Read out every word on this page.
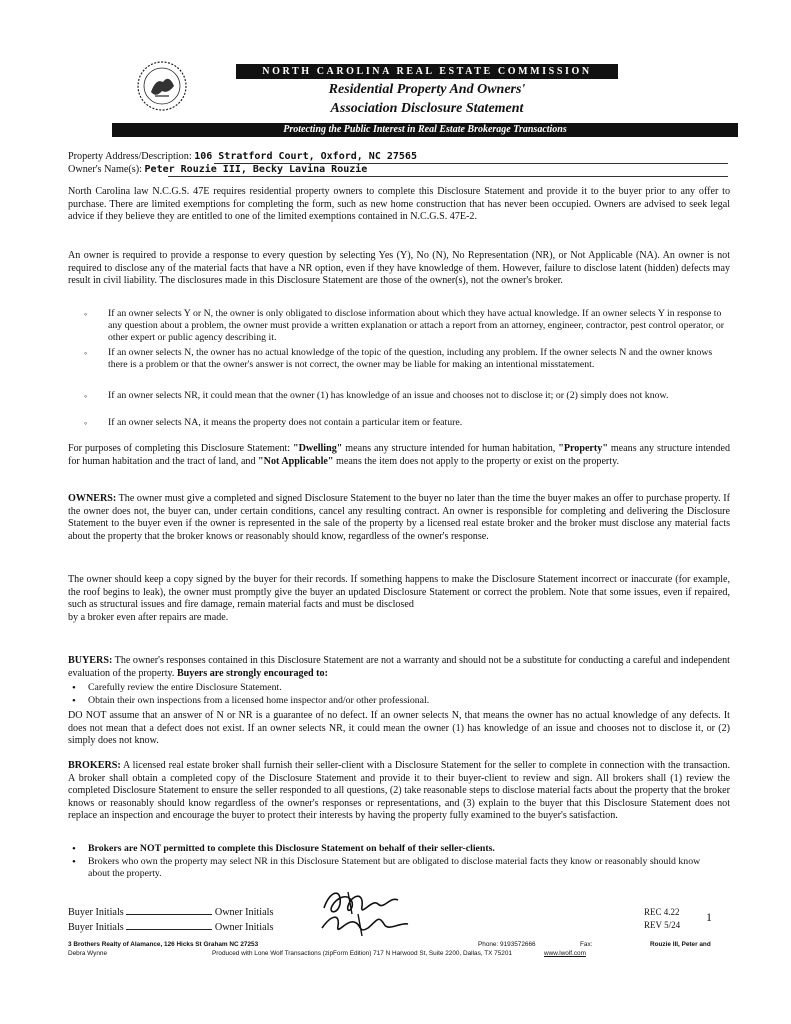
NORTH CAROLINA REAL ESTATE COMMISSION
Residential Property And Owners'
Association Disclosure Statement
Protecting the Public Interest in Real Estate Brokerage Transactions
Property Address/Description: 106 Stratford Court, Oxford, NC 27565
Owner's Name(s): Peter Rouzie III, Becky Lavina Rouzie
North Carolina law N.C.G.S. 47E requires residential property owners to complete this Disclosure Statement and provide it to the buyer prior to any offer to purchase. There are limited exemptions for completing the form, such as new home construction that has never been occupied. Owners are advised to seek legal advice if they believe they are entitled to one of the limited exemptions contained in N.C.G.S. 47E-2.
An owner is required to provide a response to every question by selecting Yes (Y), No (N), No Representation (NR), or Not Applicable (NA). An owner is not required to disclose any of the material facts that have a NR option, even if they have knowledge of them. However, failure to disclose latent (hidden) defects may result in civil liability. The disclosures made in this Disclosure Statement are those of the owner(s), not the owner's broker.
◦ If an owner selects Y or N, the owner is only obligated to disclose information about which they have actual knowledge. If an owner selects Y in response to any question about a problem, the owner must provide a written explanation or attach a report from an attorney, engineer, contractor, pest control operator, or other expert or public agency describing it.
◦ If an owner selects N, the owner has no actual knowledge of the topic of the question, including any problem. If the owner selects N and the owner knows there is a problem or that the owner's answer is not correct, the owner may be liable for making an intentional misstatement.
◦ If an owner selects NR, it could mean that the owner (1) has knowledge of an issue and chooses not to disclose it; or (2) simply does not know.
◦ If an owner selects NA, it means the property does not contain a particular item or feature.
For purposes of completing this Disclosure Statement: "Dwelling" means any structure intended for human habitation, "Property" means any structure intended for human habitation and the tract of land, and "Not Applicable" means the item does not apply to the property or exist on the property.
OWNERS: The owner must give a completed and signed Disclosure Statement to the buyer no later than the time the buyer makes an offer to purchase property. If the owner does not, the buyer can, under certain conditions, cancel any resulting contract. An owner is responsible for completing and delivering the Disclosure Statement to the buyer even if the owner is represented in the sale of the property by a licensed real estate broker and the broker must disclose any material facts about the property that the broker knows or reasonably should know, regardless of the owner's response.
The owner should keep a copy signed by the buyer for their records. If something happens to make the Disclosure Statement incorrect or inaccurate (for example, the roof begins to leak), the owner must promptly give the buyer an updated Disclosure Statement or correct the problem. Note that some issues, even if repaired, such as structural issues and fire damage, remain material facts and must be disclosed
by a broker even after repairs are made.
BUYERS: The owner's responses contained in this Disclosure Statement are not a warranty and should not be a substitute for conducting a careful and independent evaluation of the property. Buyers are strongly encouraged to:
• Carefully review the entire Disclosure Statement.
• Obtain their own inspections from a licensed home inspector and/or other professional.
DO NOT assume that an answer of N or NR is a guarantee of no defect. If an owner selects N, that means the owner has no actual knowledge of any defects. It does not mean that a defect does not exist. If an owner selects NR, it could mean the owner (1) has knowledge of an issue and chooses not to disclose it, or (2) simply does not know.
BROKERS: A licensed real estate broker shall furnish their seller-client with a Disclosure Statement for the seller to complete in connection with the transaction. A broker shall obtain a completed copy of the Disclosure Statement and provide it to their buyer-client to review and sign. All brokers shall (1) review the completed Disclosure Statement to ensure the seller responded to all questions, (2) take reasonable steps to disclose material facts about the property that the broker knows or reasonably should know regardless of the owner's responses or representations, and (3) explain to the buyer that this Disclosure Statement does not replace an inspection and encourage the buyer to protect their interests by having the property fully examined to the buyer's satisfaction.
• Brokers are NOT permitted to complete this Disclosure Statement on behalf of their seller-clients.
• Brokers who own the property may select NR in this Disclosure Statement but are obligated to disclose material facts they know or reasonably should know about the property.
Buyer Initials	Owner Initials
Buyer Initials	Owner Initials
REC 4.22
REV 5/24
1
3 Brothers Realty of Alamance, 126 Hicks St Graham NC 27253	Phone: 9193572666	Fax:	Rouzie III, Peter and
Debra Wynne	Produced with Lone Wolf Transactions (zipForm Edition) 717 N Harwood St, Suite 2200, Dallas, TX 75201	www.lwolf.com
